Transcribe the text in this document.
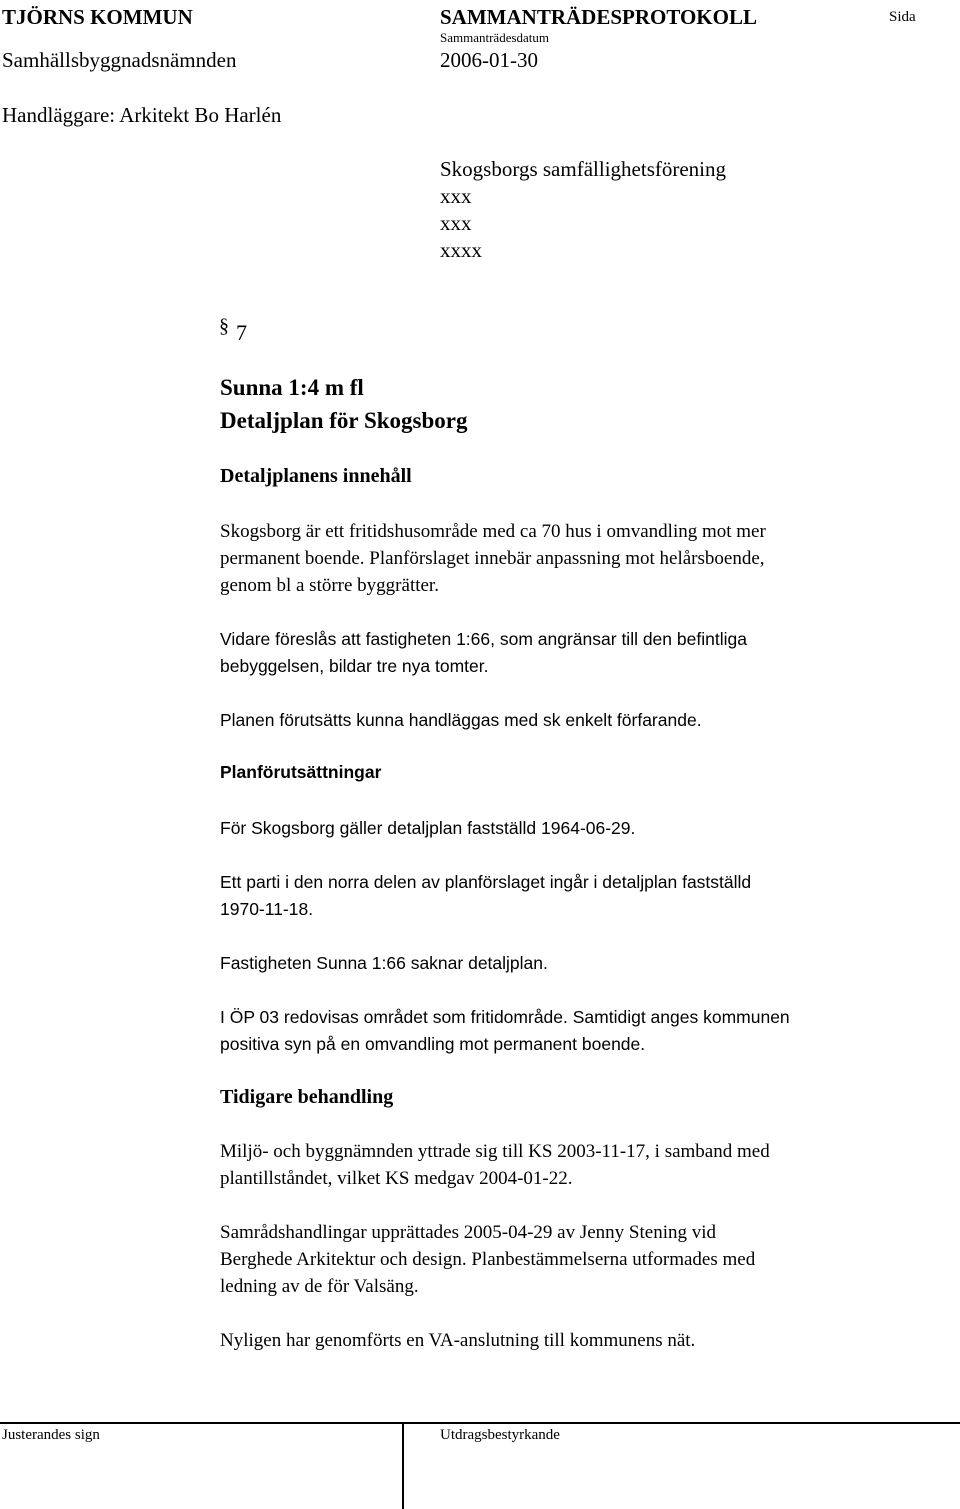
TJÖRNS KOMMUN	SAMMANTRÄDESPROTOKOLL	Sida
Sammanträdesdatum
Samhällsbyggnadsnämnden	2006-01-30
Handläggare: Arkitekt Bo Harlén
Skogsborgs samfällighetsförening
xxx
xxx
xxxx
§ 7
Sunna 1:4 m fl
Detaljplan för Skogsborg
Detaljplanens innehåll
Skogsborg är ett fritidshusområde med ca 70 hus i omvandling mot mer
permanent boende. Planförslaget innebär anpassning mot helårsboende,
genom bl a större byggrätter.
Vidare föreslås att fastigheten 1:66, som angränsar till den befintliga
bebyggelsen, bildar tre nya tomter.
Planen förutsätts kunna handläggas med sk enkelt förfarande.
Planförutsättningar
För Skogsborg gäller detaljplan fastställd 1964-06-29.
Ett parti i den norra delen av planförslaget ingår i detaljplan fastställd
1970-11-18.
Fastigheten Sunna 1:66 saknar detaljplan.
I ÖP 03 redovisas området som fritidområde. Samtidigt anges kommunen
positiva syn på en omvandling mot permanent boende.
Tidigare behandling
Miljö- och byggnämnden yttrade sig till KS 2003-11-17, i samband med
plantillståndet, vilket KS medgav 2004-01-22.
Samrådshandlingar upprättades 2005-04-29 av Jenny Stening vid
Berghede Arkitektur och design. Planbestämmelserna utformades med
ledning av de för Valsäng.
Nyligen har genomförts en VA-anslutning till kommunens nät.
Justerandes sign	Utdragsbestyrkande
